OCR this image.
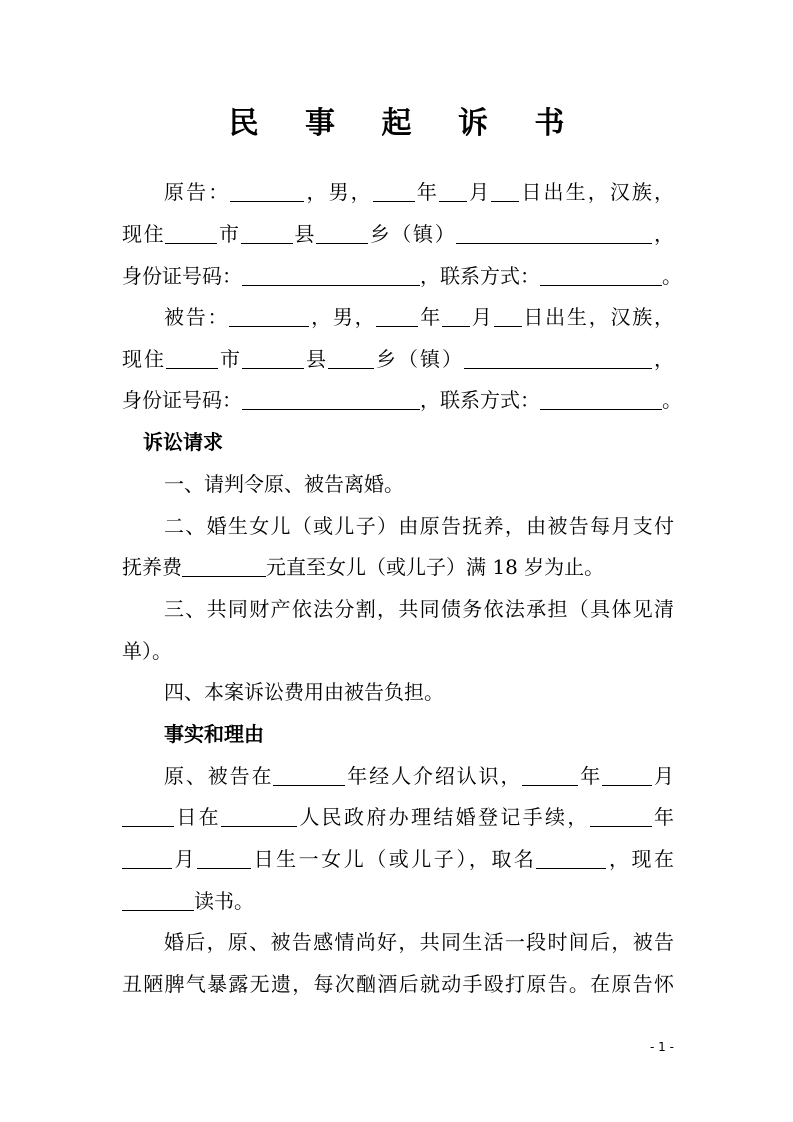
民 事 起 诉 书
原告：	，男， 年 月 日出生，汉族，
现住	市	县	乡（镇）	，
身份证号码：	，联系方式：	。
被告：	，男， 年 月 日出生，汉族，
现住	市	县 乡（镇）	，
身份证号码：	，联系方式：	。
诉讼请求
一、请判令原、被告离婚。
二、婚生女儿（或儿子）由原告抚养，由被告每月支付
抚养费	元直至女儿（或儿子）满 18 岁为止。
三、共同财产依法分割，共同债务依法承担（具体见清
单）。
四、本案诉讼费用由被告负担。
事实和理由
原、被告在	年经人介绍认识，	年	月
日在	人民政府办理结婚登记手续，	年
月	日生一女儿（或儿子），取名	，现在
读书。
婚后，原、被告感情尚好，共同生活一段时间后，被告
丑陋脾气暴露无遗，每次酗酒后就动手殴打原告。在原告怀
- 1 -
